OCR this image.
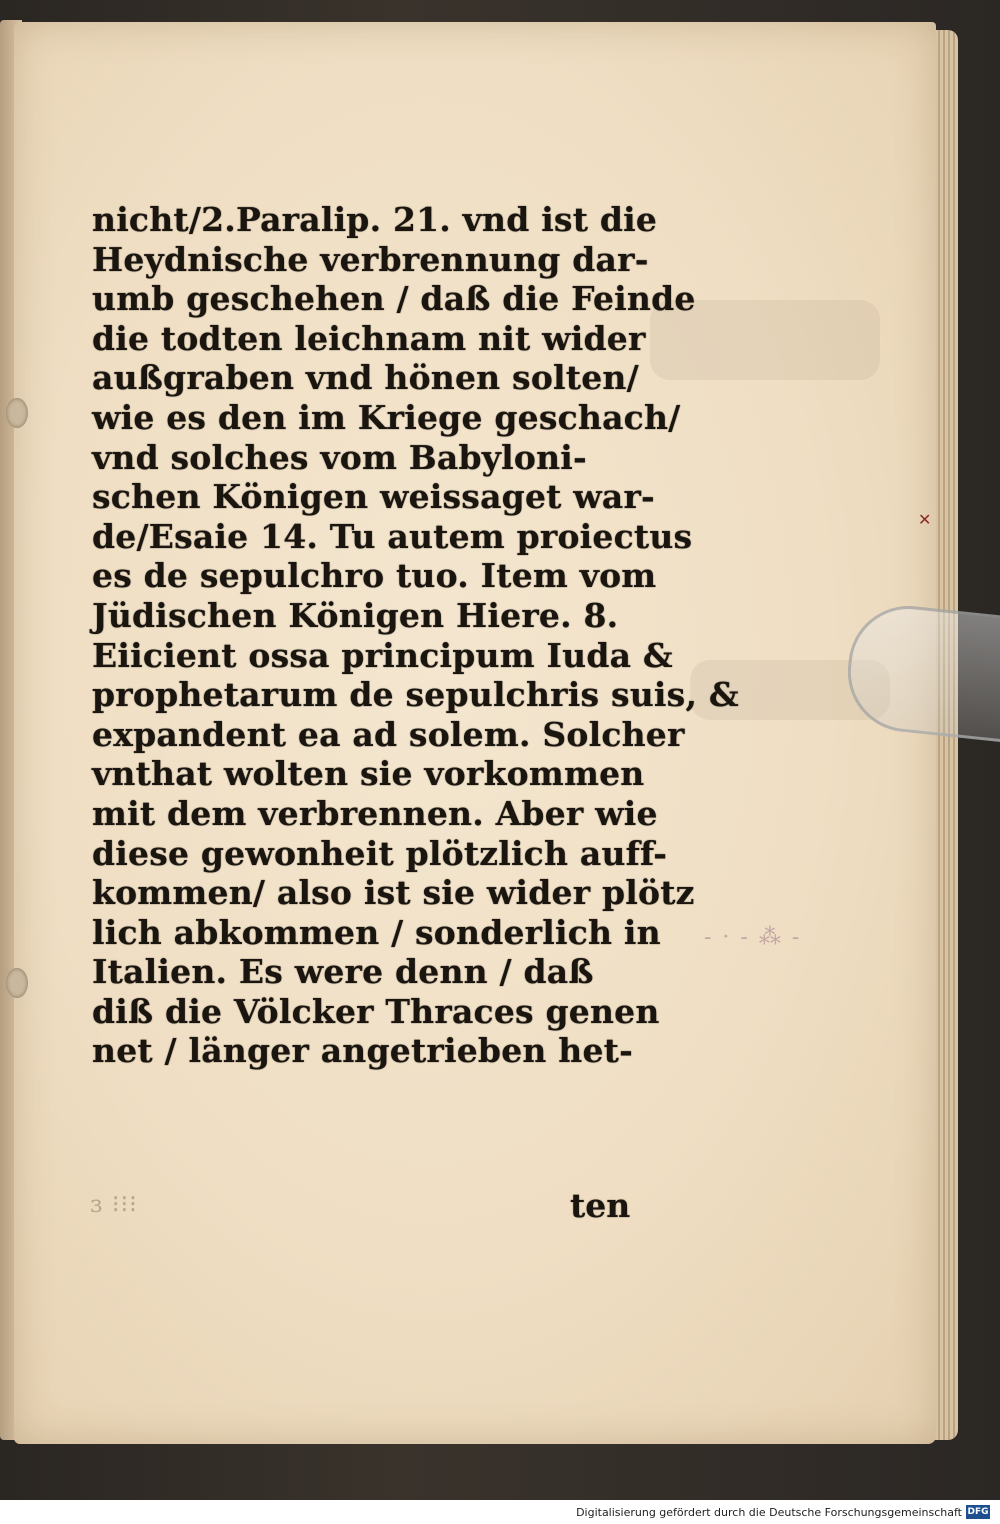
nicht/2.Paralip. 21. vnd ist die
Heydnische verbrennung dar-
umb geschehen / daß die Feinde
die todten leichnam nit wider
außgraben vnd hönen solten/
wie es den im Kriege geschach/
vnd solches vom Babyloni-
schen Königen weissaget war-
de/Esaie 14. Tu autem proiectus
es de sepulchro tuo. Item vom
Jüdischen Königen Hiere. 8.
Eiicient ossa principum Iuda &
prophetarum de sepulchris suis, &
expandent ea ad solem. Solcher
vnthat wolten sie vorkommen
mit dem verbrennen. Aber wie
diese gewonheit plötzlich auff-
kommen/ also ist sie wider plötz
lich abkommen / sonderlich in
Italien. Es were denn / daß
diß die Völcker Thraces genen
net / länger angetrieben het-
ten
ɜ ⁝⁝⁝
- · - ⁂ -
✕
Digitalisierung gefördert durch die Deutsche Forschungsgemeinschaft DFG
